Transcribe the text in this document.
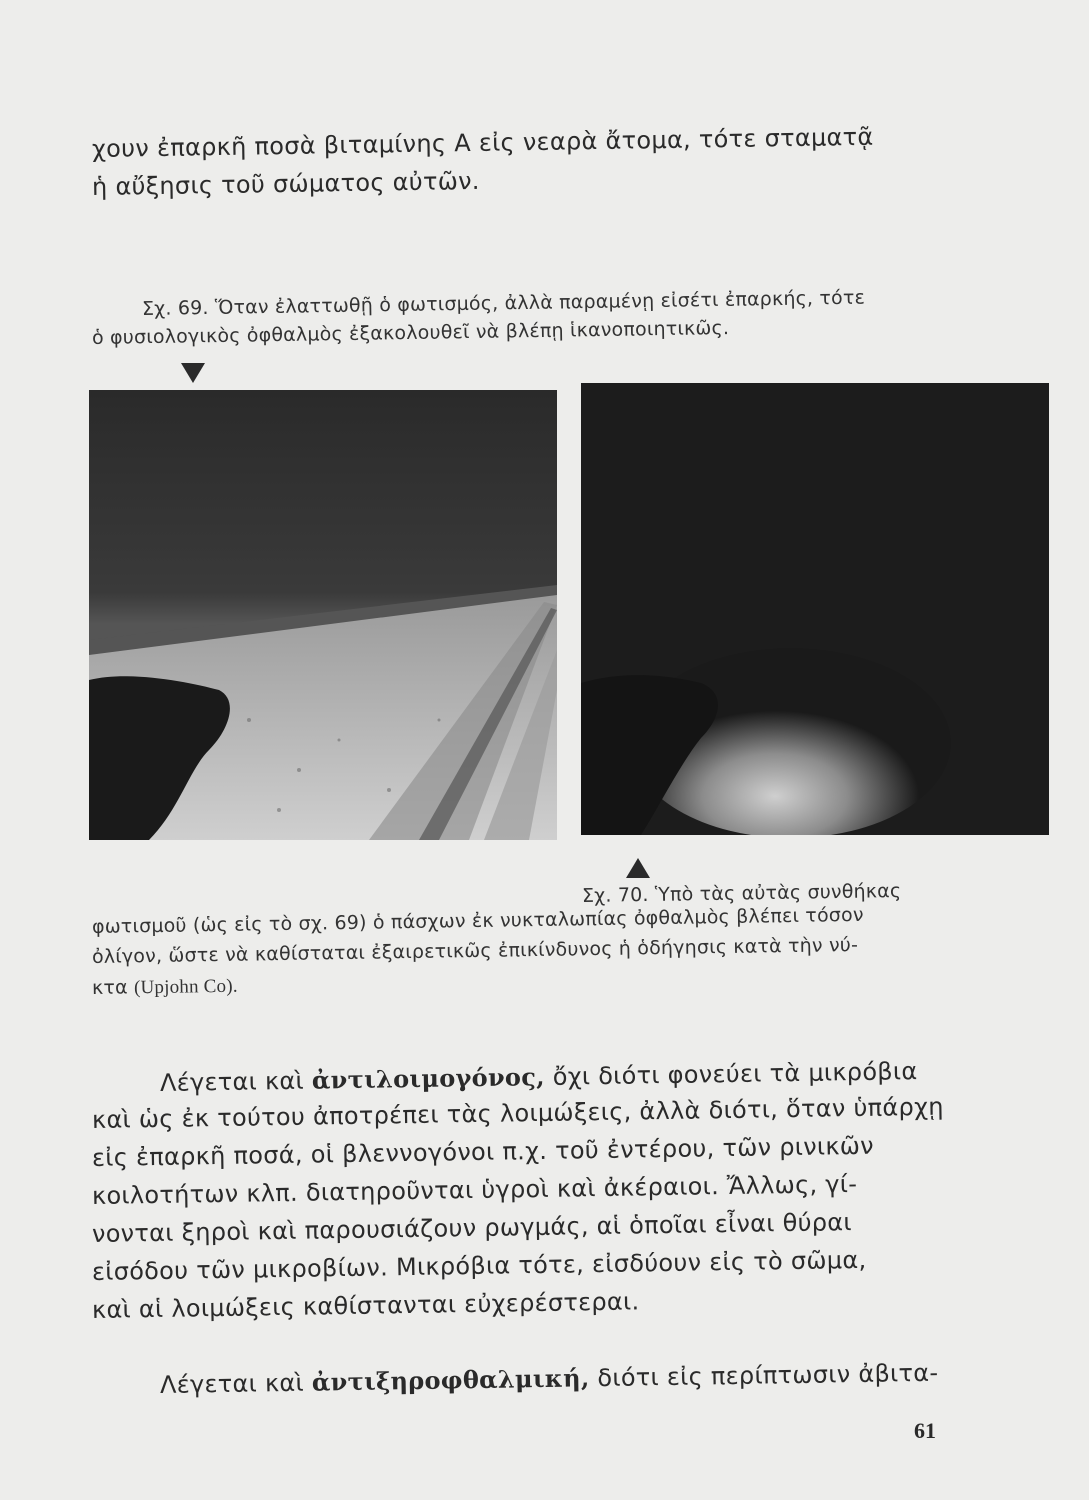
χουν ἐπαρκῆ ποσὰ βιταμίνης Α εἰς νεαρὰ ἄτομα, τότε σταματᾷ
ἡ αὔξησις τοῦ σώματος αὐτῶν.
Σχ. 69. Ὅταν ἐλαττωθῇ ὁ φωτισμός, ἀλλὰ παραμένῃ εἰσέτι ἐπαρκής, τότε
ὁ φυσιολογικὸς ὀφθαλμὸς ἐξακολουθεῖ νὰ βλέπῃ ἱκανοποιητικῶς.
Σχ. 70. Ὑπὸ τὰς αὐτὰς συνθήκας
φωτισμοῦ (ὡς εἰς τὸ σχ. 69) ὁ πάσχων ἐκ νυκταλωπίας ὀφθαλμὸς βλέπει τόσον
ὀλίγον, ὥστε νὰ καθίσταται ἐξαιρετικῶς ἐπικίνδυνος ἡ ὁδήγησις κατὰ τὴν νύ-
κτα (Upjohn Co).
Λέγεται καὶ ἀντιλοιμογόνος, ὄχι διότι φονεύει τὰ μικρόβια
καὶ ὡς ἐκ τούτου ἀποτρέπει τὰς λοιμώξεις, ἀλλὰ διότι, ὅταν ὑπάρχῃ
εἰς ἐπαρκῆ ποσά, οἱ βλεννογόνοι π.χ. τοῦ ἐντέρου, τῶν ρινικῶν
κοιλοτήτων κλπ. διατηροῦνται ὑγροὶ καὶ ἀκέραιοι. Ἄλλως, γί-
νονται ξηροὶ καὶ παρουσιάζουν ρωγμάς, αἱ ὁποῖαι εἶναι θύραι
εἰσόδου τῶν μικροβίων. Μικρόβια τότε, εἰσδύουν εἰς τὸ σῶμα,
καὶ αἱ λοιμώξεις καθίστανται εὐχερέστεραι.
Λέγεται καὶ ἀντιξηροφθαλμική, διότι εἰς περίπτωσιν ἀβιτα-
61
